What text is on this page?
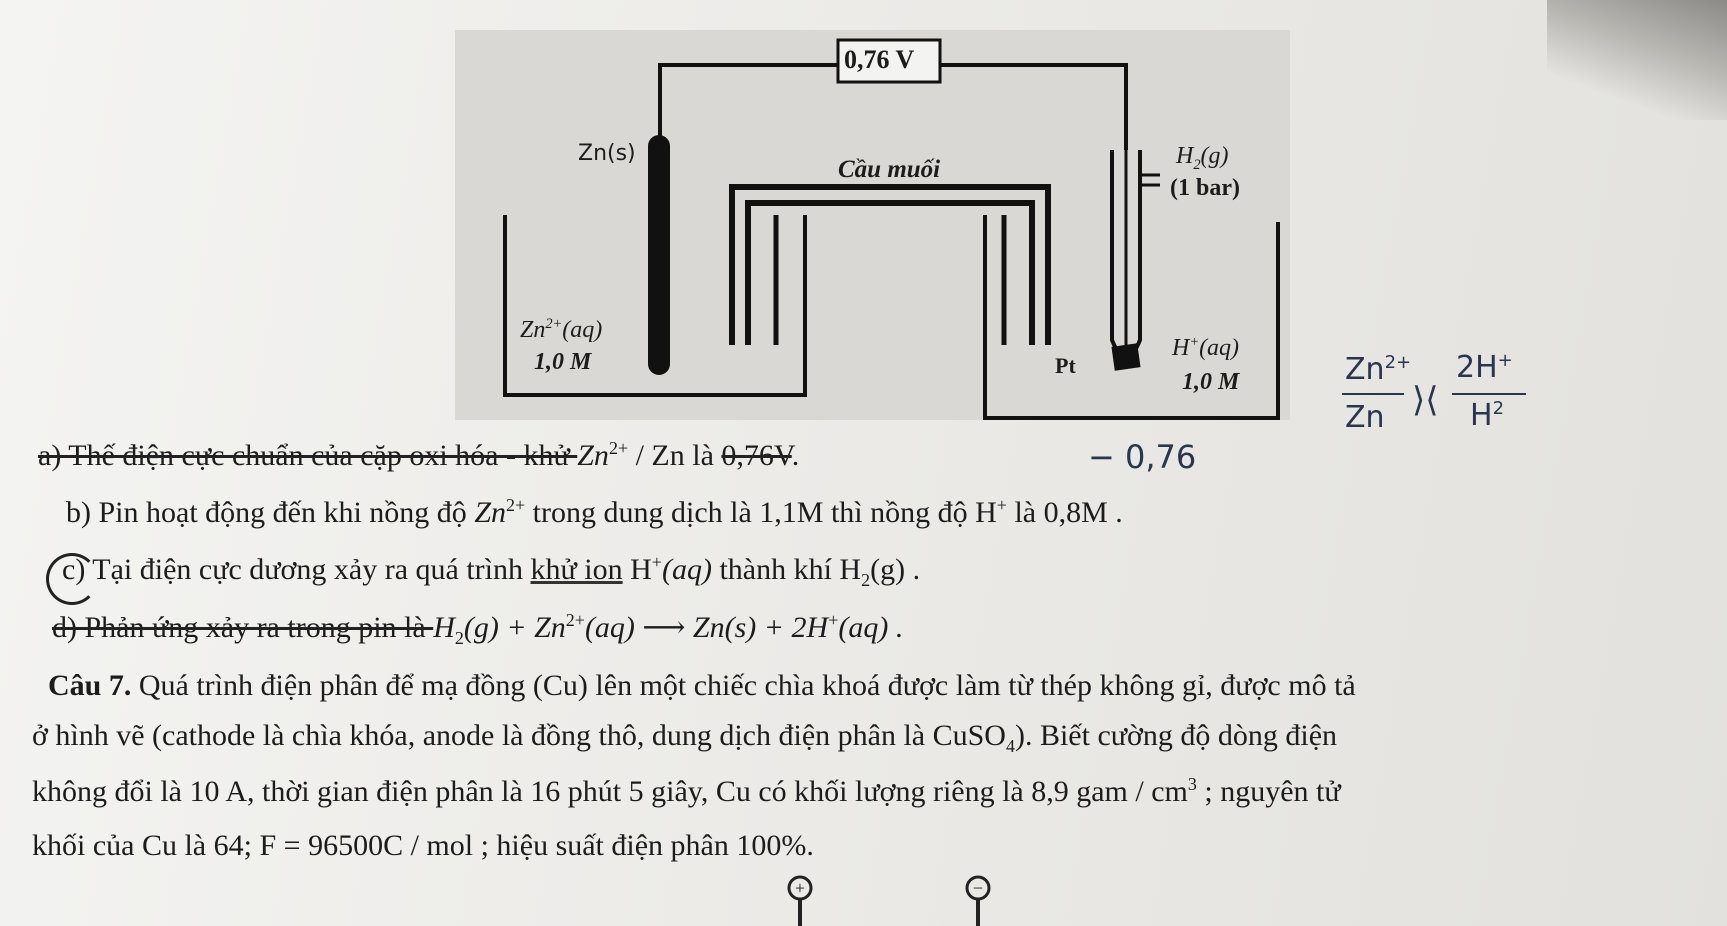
0,76 V
Zn(s)
Cầu muối	$H_2(g)$
(1 bar)
$Zn^{2+}(aq)$
1,0 M	Pt
H+(aq)
1,0 M	$Zn^{2+}$
Zn ⟩⟨
2H+
$H^2$
a) Thế điện cực chuẩn của cặp oxi hóa - khử $Zn^{2+}$ / Zn là 0,76V.	− 0,76
b) Pin hoạt động đến khi nồng độ $Zn^{2+}$ trong dung dịch là 1,1M thì nồng độ H+ là 0,8M .
c) Tại điện cực dương xảy ra quá trình khử ion H+(aq) thành khí $H_2(g)$ .
d) Phản ứng xảy ra trong pin là $H_2(g) + Zn^{2+}(aq)$ ⟶ Zn(s) + 2H+(aq) .
Câu 7. Quá trình điện phân để mạ đồng (Cu) lên một chiếc chìa khoá được làm từ thép không gỉ, được mô tả
ở hình vẽ (cathode là chìa khóa, anode là đồng thô, dung dịch điện phân là CuSO$_4$). Biết cường độ dòng điện
không đổi là 10 A, thời gian điện phân là 16 phút 5 giây, Cu có khối lượng riêng là 8,9 gam / $cm^3$ ; nguyên tử
khối của Cu là 64; F = 96500C / mol ; hiệu suất điện phân 100%.
+	−
